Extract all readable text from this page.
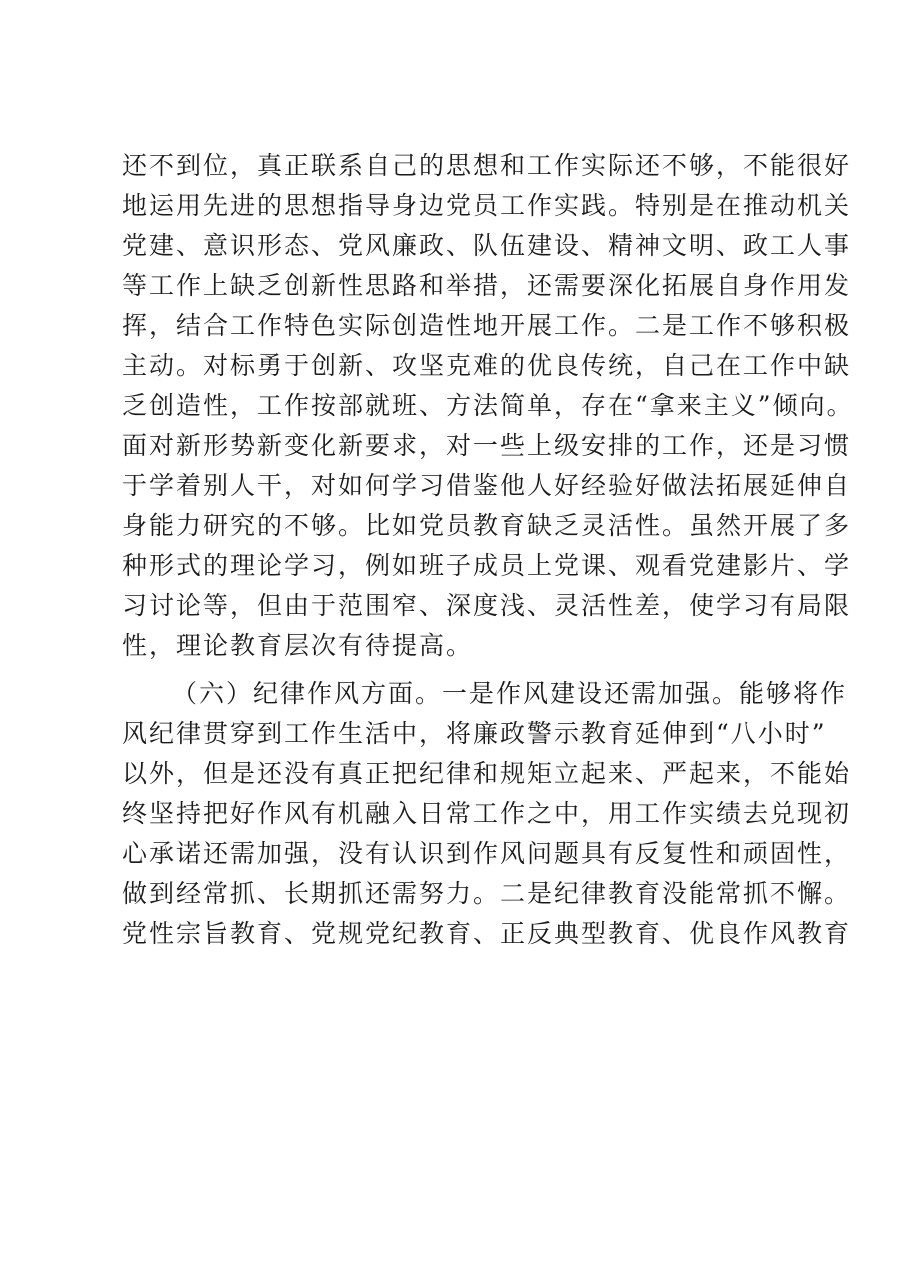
还不到位，真正联系自己的思想和工作实际还不够，不能很好
地运用先进的思想指导身边党员工作实践。特别是在推动机关
党建、意识形态、党风廉政、队伍建设、精神文明、政工人事
等工作上缺乏创新性思路和举措，还需要深化拓展自身作用发
挥，结合工作特色实际创造性地开展工作。二是工作不够积极
主动。对标勇于创新、攻坚克难的优良传统，自己在工作中缺
乏创造性，工作按部就班、方法简单，存在“拿来主义”倾向。
面对新形势新变化新要求，对一些上级安排的工作，还是习惯
于学着别人干，对如何学习借鉴他人好经验好做法拓展延伸自
身能力研究的不够。比如党员教育缺乏灵活性。虽然开展了多
种形式的理论学习，例如班子成员上党课、观看党建影片、学
习讨论等，但由于范围窄、深度浅、灵活性差，使学习有局限
性，理论教育层次有待提高。
（六）纪律作风方面。一是作风建设还需加强。能够将作
风纪律贯穿到工作生活中，将廉政警示教育延伸到“八小时”
以外，但是还没有真正把纪律和规矩立起来、严起来，不能始
终坚持把好作风有机融入日常工作之中，用工作实绩去兑现初
心承诺还需加强，没有认识到作风问题具有反复性和顽固性，
做到经常抓、长期抓还需努力。二是纪律教育没能常抓不懈。
党性宗旨教育、党规党纪教育、正反典型教育、优良作风教育
